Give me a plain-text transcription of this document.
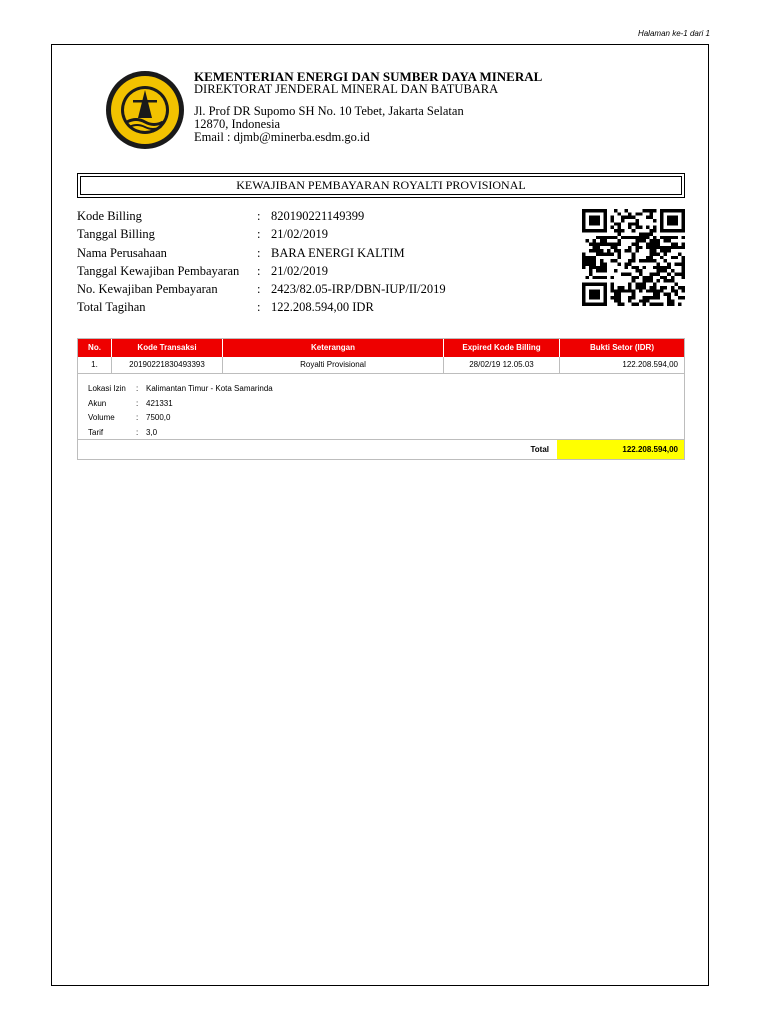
Halaman ke-1 dari 1
KEMENTERIAN ENERGI DAN SUMBER DAYA MINERAL
DIREKTORAT JENDERAL MINERAL DAN BATUBARA
Jl. Prof DR Supomo SH No. 10 Tebet, Jakarta Selatan
12870, Indonesia
Email : djmb@minerba.esdm.go.id
KEWAJIBAN PEMBAYARAN ROYALTI PROVISIONAL
Kode Billing	: 820190221149399
Tanggal Billing	: 21/02/2019
Nama Perusahaan	: BARA ENERGI KALTIM
Tanggal Kewajiban Pembayaran	: 21/02/2019
No. Kewajiban Pembayaran	: 2423/82.05-IRP/DBN-IUP/II/2019
Total Tagihan	: 122.208.594,00 IDR
No.	Kode Transaksi	Keterangan	Expired Kode Billing	Bukti Setor (IDR)
1.	20190221830493393	Royalti Provisional	28/02/19 12.05.03	122.208.594,00
Lokasi Izin	: Kalimantan Timur - Kota Samarinda
Akun	: 421331
Volume	: 7500,0
Tarif	: 3,0
Total	122.208.594,00
